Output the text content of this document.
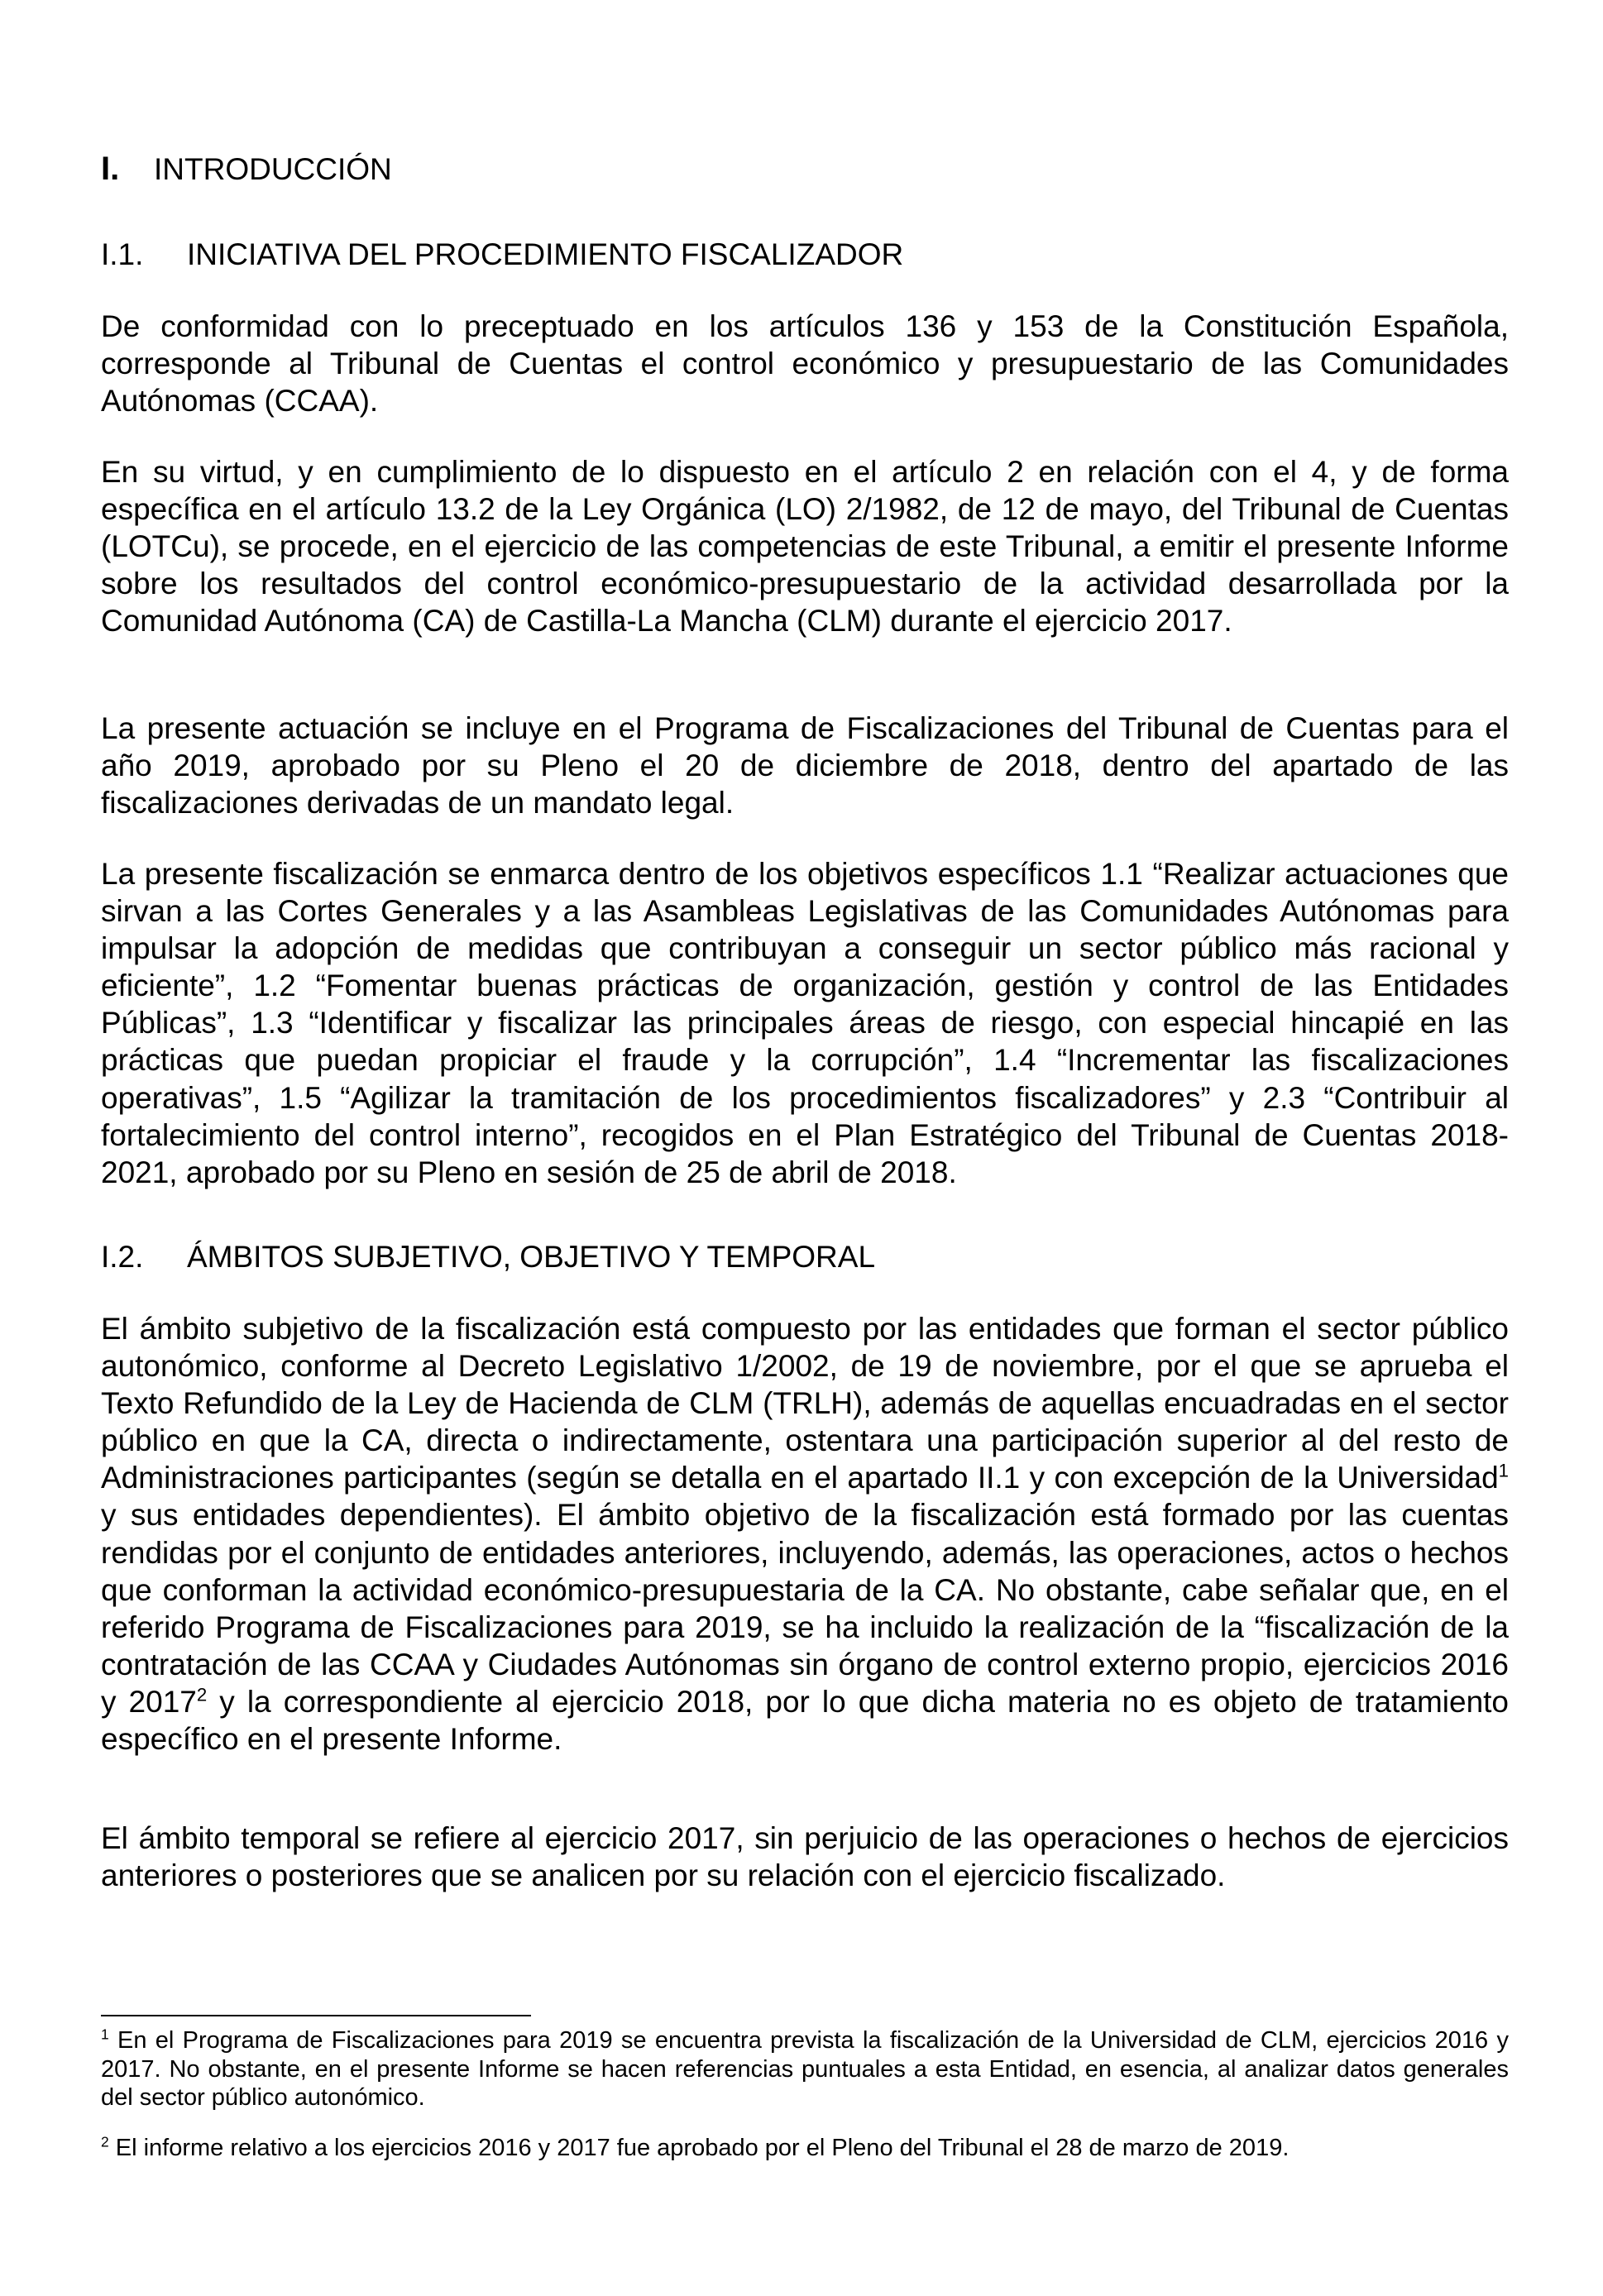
I. INTRODUCCIÓN
I.1. INICIATIVA DEL PROCEDIMIENTO FISCALIZADOR

De conformidad con lo preceptuado en los artículos 136 y 153 de la Constitución Española, corresponde al Tribunal de Cuentas el control económico y presupuestario de las Comunidades Autónomas (CCAA).

En su virtud, y en cumplimiento de lo dispuesto en el artículo 2 en relación con el 4, y de forma específica en el artículo 13.2 de la Ley Orgánica (LO) 2/1982, de 12 de mayo, del Tribunal de Cuentas (LOTCu), se procede, en el ejercicio de las competencias de este Tribunal, a emitir el presente Informe sobre los resultados del control económico-presupuestario de la actividad desarrollada por la Comunidad Autónoma (CA) de Castilla-La Mancha (CLM) durante el ejercicio 2017.

La presente actuación se incluye en el Programa de Fiscalizaciones del Tribunal de Cuentas para el año 2019, aprobado por su Pleno el 20 de diciembre de 2018, dentro del apartado de las fiscalizaciones derivadas de un mandato legal.

La presente fiscalización se enmarca dentro de los objetivos específicos 1.1 “Realizar actuaciones que sirvan a las Cortes Generales y a las Asambleas Legislativas de las Comunidades Autónomas para impulsar la adopción de medidas que contribuyan a conseguir un sector público más racional y eficiente”, 1.2 “Fomentar buenas prácticas de organización, gestión y control de las Entidades Públicas”, 1.3 “Identificar y fiscalizar las principales áreas de riesgo, con especial hincapié en las prácticas que puedan propiciar el fraude y la corrupción”, 1.4 “Incrementar las fiscalizaciones operativas”, 1.5 “Agilizar la tramitación de los procedimientos fiscalizadores” y 2.3 “Contribuir al fortalecimiento del control interno”, recogidos en el Plan Estratégico del Tribunal de Cuentas 2018-2021, aprobado por su Pleno en sesión de 25 de abril de 2018.

I.2. ÁMBITOS SUBJETIVO, OBJETIVO Y TEMPORAL

El ámbito subjetivo de la fiscalización está compuesto por las entidades que forman el sector público autonómico, conforme al Decreto Legislativo 1/2002, de 19 de noviembre, por el que se aprueba el Texto Refundido de la Ley de Hacienda de CLM (TRLH), además de aquellas encuadradas en el sector público en que la CA, directa o indirectamente, ostentara una participación superior al del resto de Administraciones participantes (según se detalla en el apartado II.1 y con excepción de la Universidad$^1$ y sus entidades dependientes). El ámbito objetivo de la fiscalización está formado por las cuentas rendidas por el conjunto de entidades anteriores, incluyendo, además, las operaciones, actos o hechos que conforman la actividad económico-presupuestaria de la CA. No obstante, cabe señalar que, en el referido Programa de Fiscalizaciones para 2019, se ha incluido la realización de la “fiscalización de la contratación de las CCAA y Ciudades Autónomas sin órgano de control externo propio, ejercicios 2016 y 2017$^2$ y la correspondiente al ejercicio 2018, por lo que dicha materia no es objeto de tratamiento específico en el presente Informe.

El ámbito temporal se refiere al ejercicio 2017, sin perjuicio de las operaciones o hechos de ejercicios anteriores o posteriores que se analicen por su relación con el ejercicio fiscalizado.

$^1$ En el Programa de Fiscalizaciones para 2019 se encuentra prevista la fiscalización de la Universidad de CLM, ejercicios 2016 y 2017. No obstante, en el presente Informe se hacen referencias puntuales a esta Entidad, en esencia, al analizar datos generales del sector público autonómico.

$^2$ El informe relativo a los ejercicios 2016 y 2017 fue aprobado por el Pleno del Tribunal el 28 de marzo de 2019.
